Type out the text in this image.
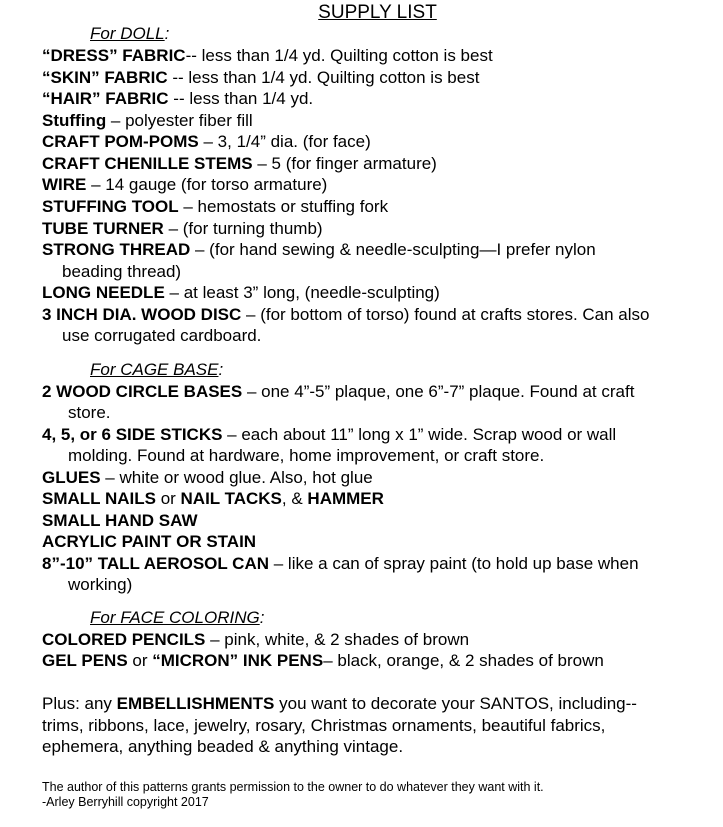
SUPPLY LIST
For DOLL:
“DRESS” FABRIC-- less than 1/4 yd. Quilting cotton is best
“SKIN” FABRIC -- less than 1/4 yd. Quilting cotton is best
“HAIR” FABRIC -- less than 1/4 yd.
Stuffing – polyester fiber fill
CRAFT POM-POMS – 3, 1/4” dia. (for face)
CRAFT CHENILLE STEMS – 5 (for finger armature)
WIRE – 14 gauge (for torso armature)
STUFFING TOOL – hemostats or stuffing fork
TUBE TURNER – (for turning thumb)
STRONG THREAD – (for hand sewing & needle-sculpting—I prefer nylon
beading thread)
LONG NEEDLE – at least 3” long, (needle-sculpting)
3 INCH DIA. WOOD DISC – (for bottom of torso) found at crafts stores. Can also
use corrugated cardboard.
For CAGE BASE:
2 WOOD CIRCLE BASES – one 4”-5” plaque, one 6”-7” plaque. Found at craft
store.
4, 5, or 6 SIDE STICKS – each about 11” long x 1” wide. Scrap wood or wall
molding. Found at hardware, home improvement, or craft store.
GLUES – white or wood glue. Also, hot glue
SMALL NAILS or NAIL TACKS, & HAMMER
SMALL HAND SAW
ACRYLIC PAINT OR STAIN
8”-10” TALL AEROSOL CAN – like a can of spray paint (to hold up base when
working)
For FACE COLORING:
COLORED PENCILS – pink, white, & 2 shades of brown
GEL PENS or “MICRON” INK PENS– black, orange, & 2 shades of brown
Plus: any EMBELLISHMENTS you want to decorate your SANTOS, including--
trims, ribbons, lace, jewelry, rosary, Christmas ornaments, beautiful fabrics,
ephemera, anything beaded & anything vintage.
The author of this patterns grants permission to the owner to do whatever they want with it.
-Arley Berryhill copyright 2017
